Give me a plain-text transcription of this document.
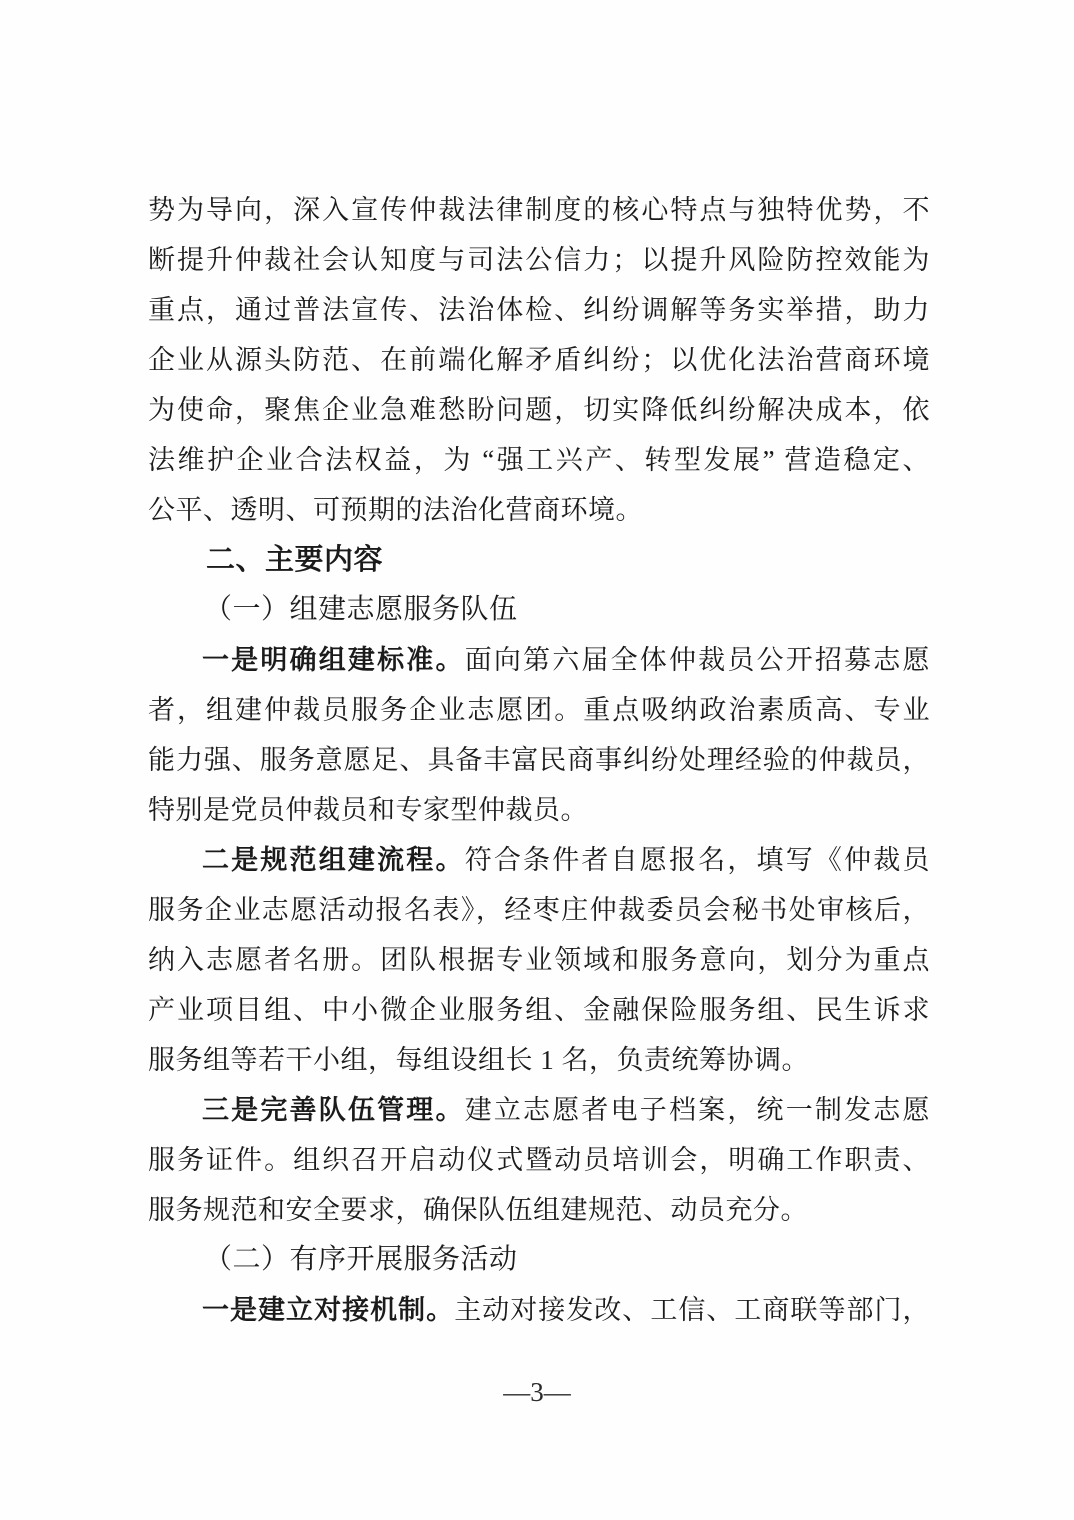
势为导向，深入宣传仲裁法律制度的核心特点与独特优势，不
断提升仲裁社会认知度与司法公信力；以提升风险防控效能为
重点，通过普法宣传、法治体检、纠纷调解等务实举措，助力
企业从源头防范、在前端化解矛盾纠纷；以优化法治营商环境
为使命，聚焦企业急难愁盼问题，切实降低纠纷解决成本，依
法维护企业合法权益，为 “强工兴产、转型发展” 营造稳定、
公平、透明、可预期的法治化营商环境。
二、主要内容
（一）组建志愿服务队伍
一是明确组建标准。面向第六届全体仲裁员公开招募志愿
者，组建仲裁员服务企业志愿团。重点吸纳政治素质高、专业
能力强、服务意愿足、具备丰富民商事纠纷处理经验的仲裁员，
特别是党员仲裁员和专家型仲裁员。
二是规范组建流程。符合条件者自愿报名，填写《仲裁员
服务企业志愿活动报名表》，经枣庄仲裁委员会秘书处审核后，
纳入志愿者名册。团队根据专业领域和服务意向，划分为重点
产业项目组、中小微企业服务组、金融保险服务组、民生诉求
服务组等若干小组，每组设组长 1 名，负责统筹协调。
三是完善队伍管理。建立志愿者电子档案，统一制发志愿
服务证件。组织召开启动仪式暨动员培训会，明确工作职责、
服务规范和安全要求，确保队伍组建规范、动员充分。
（二）有序开展服务活动
一是建立对接机制。主动对接发改、工信、工商联等部门，
—3—
